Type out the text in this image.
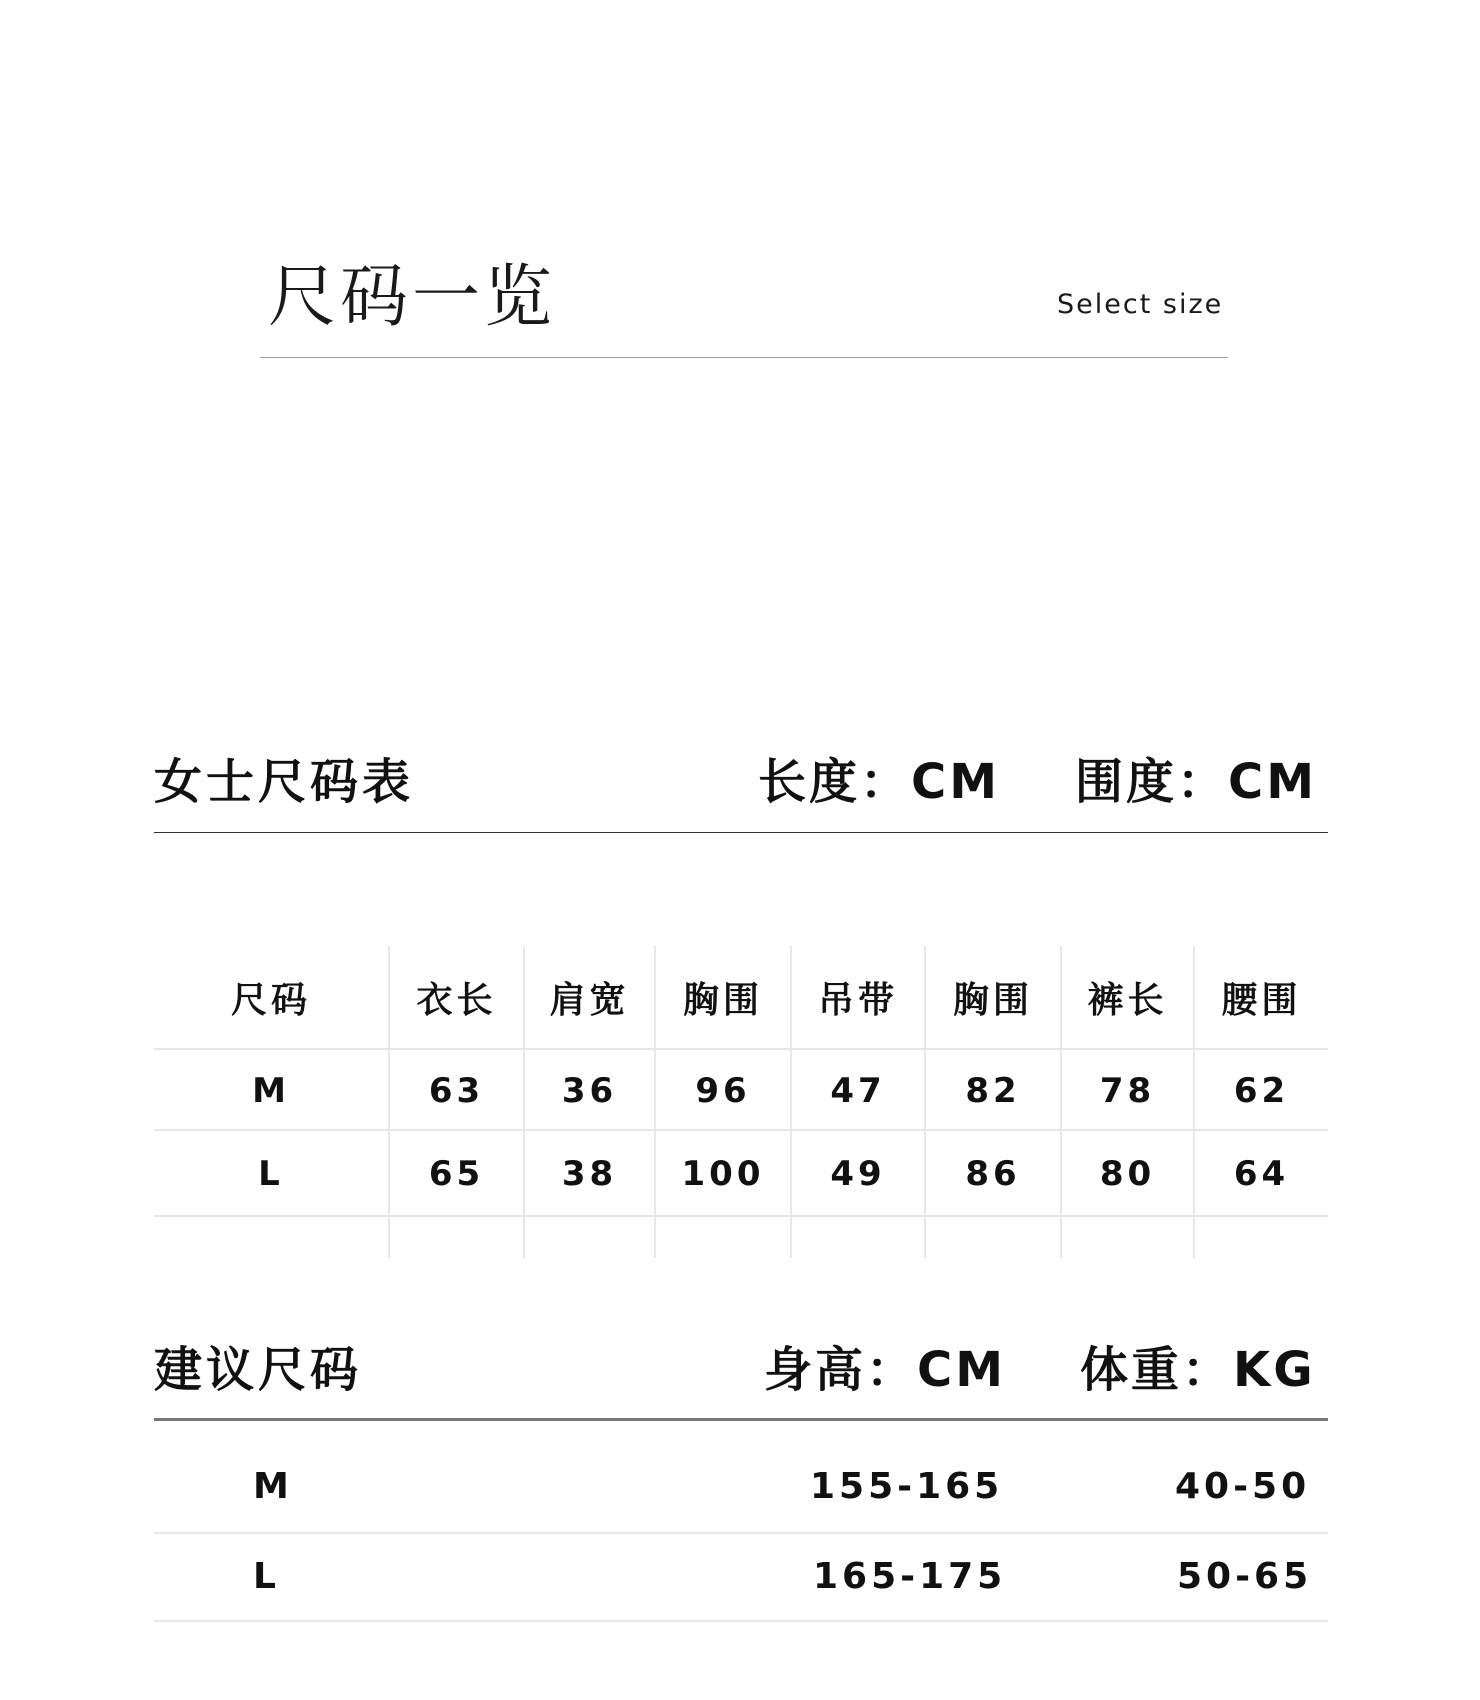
尺码一览	Select size
女士尺码表	长度：CM 围度：CM
尺码	衣长	肩宽	胸围	吊带	胸围	裤长	腰围
M	63	36	96	47	82	78	62
L	65	38	100	49	86	80	64
建议尺码	身高：CM 体重：KG
M	155-165	40-50
L	165-175	50-65
